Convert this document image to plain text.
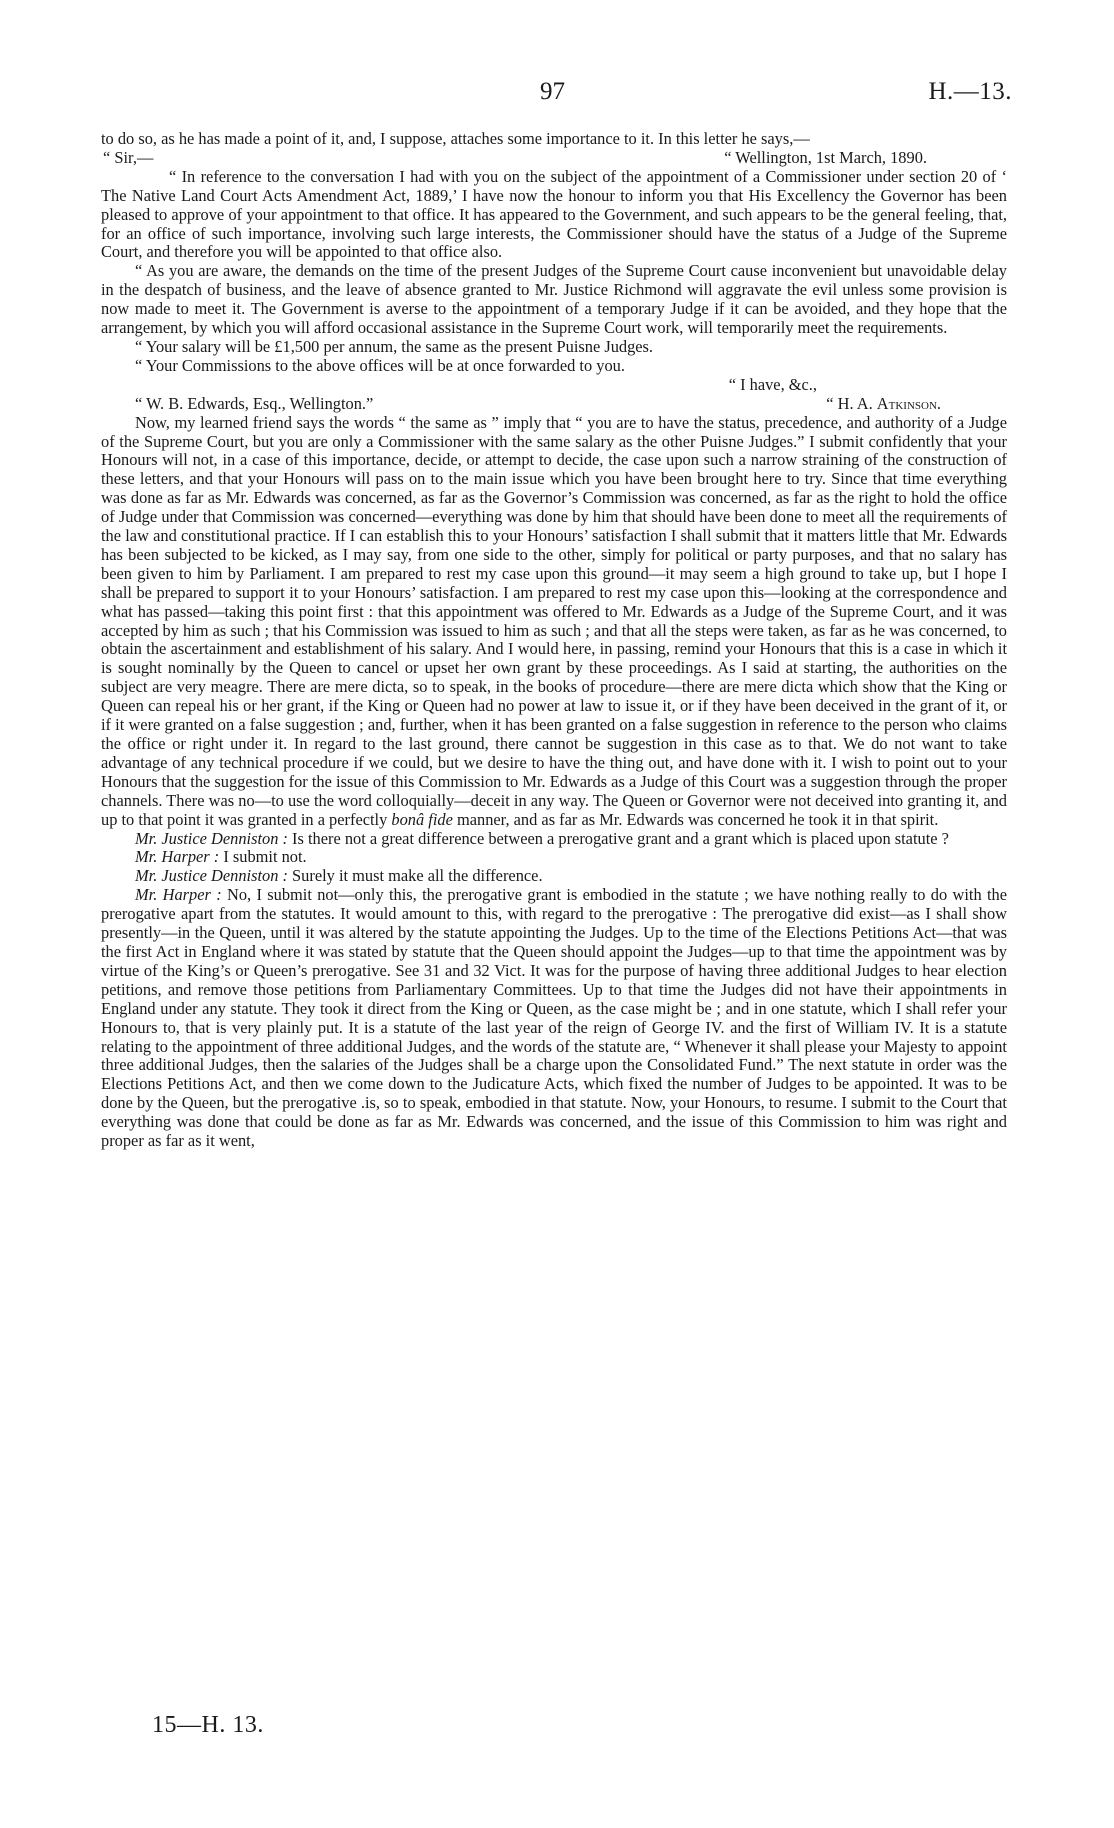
97	H.—13.

to do so, as he has made a point of it, and, I suppose, attaches some importance to it. In this letter he says,—

“ Sir,—	“ Wellington, 1st March, 1890.

“ In reference to the conversation I had with you on the subject of the appointment of a Commissioner under section 20 of ‘ The Native Land Court Acts Amendment Act, 1889,’ I have now the honour to inform you that His Excellency the Governor has been pleased to approve of your appointment to that office. It has appeared to the Government, and such appears to be the general feeling, that, for an office of such importance, involving such large interests, the Commissioner should have the status of a Judge of the Supreme Court, and therefore you will be appointed to that office also.

“ As you are aware, the demands on the time of the present Judges of the Supreme Court cause inconvenient but unavoidable delay in the despatch of business, and the leave of absence granted to Mr. Justice Richmond will aggravate the evil unless some provision is now made to meet it. The Government is averse to the appointment of a temporary Judge if it can be avoided, and they hope that the arrangement, by which you will afford occasional assistance in the Supreme Court work, will temporarily meet the requirements.

“ Your salary will be £1,500 per annum, the same as the present Puisne Judges.

“ Your Commissions to the above offices will be at once forwarded to you.

“ I have, &c.,

“ W. B. Edwards, Esq., Wellington.”	“ H. A. Atkinson.

Now, my learned friend says the words “ the same as ” imply that “ you are to have the status, precedence, and authority of a Judge of the Supreme Court, but you are only a Commissioner with the same salary as the other Puisne Judges.” I submit confidently that your Honours will not, in a case of this importance, decide, or attempt to decide, the case upon such a narrow straining of the construction of these letters, and that your Honours will pass on to the main issue which you have been brought here to try. Since that time everything was done as far as Mr. Edwards was concerned, as far as the Governor’s Commission was concerned, as far as the right to hold the office of Judge under that Commission was concerned—everything was done by him that should have been done to meet all the requirements of the law and constitutional practice. If I can establish this to your Honours’ satisfaction I shall submit that it matters little that Mr. Edwards has been subjected to be kicked, as I may say, from one side to the other, simply for political or party purposes, and that no salary has been given to him by Parliament. I am prepared to rest my case upon this ground—it may seem a high ground to take up, but I hope I shall be prepared to support it to your Honours’ satisfaction. I am prepared to rest my case upon this—looking at the correspondence and what has passed—taking this point first : that this appointment was offered to Mr. Edwards as a Judge of the Supreme Court, and it was accepted by him as such ; that his Commission was issued to him as such ; and that all the steps were taken, as far as he was concerned, to obtain the ascertainment and establishment of his salary. And I would here, in passing, remind your Honours that this is a case in which it is sought nominally by the Queen to cancel or upset her own grant by these proceedings. As I said at starting, the authorities on the subject are very meagre. There are mere dicta, so to speak, in the books of procedure—there are mere dicta which show that the King or Queen can repeal his or her grant, if the King or Queen had no power at law to issue it, or if they have been deceived in the grant of it, or if it were granted on a false suggestion ; and, further, when it has been granted on a false suggestion in reference to the person who claims the office or right under it. In regard to the last ground, there cannot be suggestion in this case as to that. We do not want to take advantage of any technical procedure if we could, but we desire to have the thing out, and have done with it. I wish to point out to your Honours that the suggestion for the issue of this Commission to Mr. Edwards as a Judge of this Court was a suggestion through the proper channels. There was no—to use the word colloquially—deceit in any way. The Queen or Governor were not deceived into granting it, and up to that point it was granted in a perfectly bonâ fide manner, and as far as Mr. Edwards was concerned he took it in that spirit.

Mr. Justice Denniston : Is there not a great difference between a prerogative grant and a grant which is placed upon statute ?

Mr. Harper : I submit not.

Mr. Justice Denniston : Surely it must make all the difference.

Mr. Harper : No, I submit not—only this, the prerogative grant is embodied in the statute ; we have nothing really to do with the prerogative apart from the statutes. It would amount to this, with regard to the prerogative : The prerogative did exist—as I shall show presently—in the Queen, until it was altered by the statute appointing the Judges. Up to the time of the Elections Petitions Act—that was the first Act in England where it was stated by statute that the Queen should appoint the Judges—up to that time the appointment was by virtue of the King’s or Queen’s prerogative. See 31 and 32 Vict. It was for the purpose of having three additional Judges to hear election petitions, and remove those petitions from Parliamentary Committees. Up to that time the Judges did not have their appointments in England under any statute. They took it direct from the King or Queen, as the case might be ; and in one statute, which I shall refer your Honours to, that is very plainly put. It is a statute of the last year of the reign of George IV. and the first of William IV. It is a statute relating to the appointment of three additional Judges, and the words of the statute are, “ Whenever it shall please your Majesty to appoint three additional Judges, then the salaries of the Judges shall be a charge upon the Consolidated Fund.” The next statute in order was the Elections Petitions Act, and then we come down to the Judicature Acts, which fixed the number of Judges to be appointed. It was to be done by the Queen, but the prerogative .is, so to speak, embodied in that statute. Now, your Honours, to resume. I submit to the Court that everything was done that could be done as far as Mr. Edwards was concerned, and the issue of this Commission to him was right and proper as far as it went,

15—H. 13.
